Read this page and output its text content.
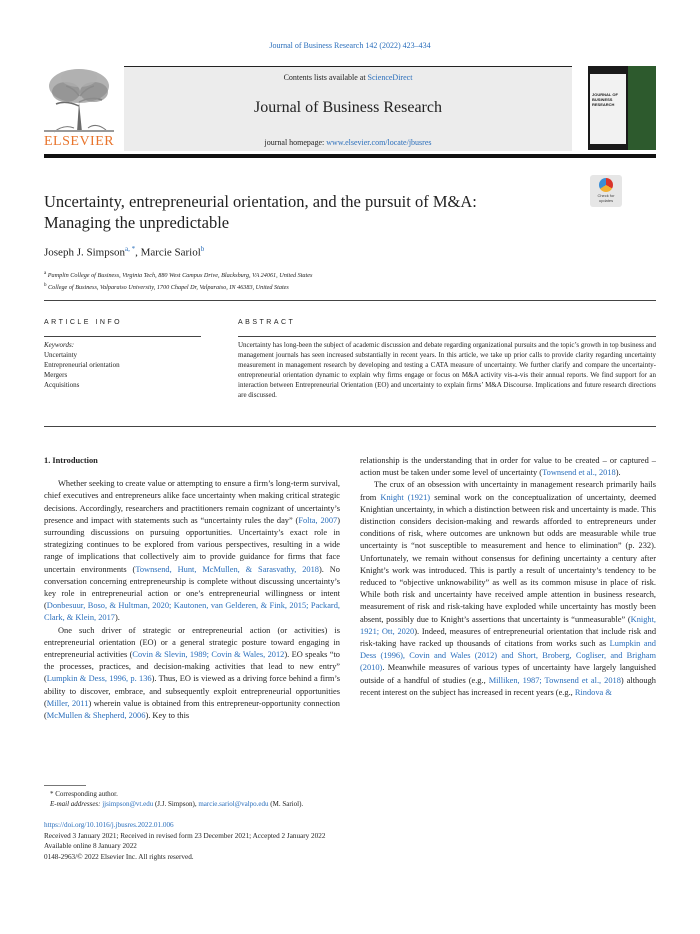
Journal of Business Research 142 (2022) 423–434
ELSEVIER
Contents lists available at ScienceDirect
Journal of Business Research
journal homepage: www.elsevier.com/locate/jbusres
JOURNAL OF BUSINESS RESEARCH
Check for updates
Uncertainty, entrepreneurial orientation, and the pursuit of M&A:
Managing the unpredictable
Joseph J. Simpson$^{a, *}$, Marcie Sariol$^b$
$^a$ Pamplin College of Business, Virginia Tech, 880 West Campus Drive, Blacksburg, VA 24061, United States
$^b$ College of Business, Valparaiso University, 1700 Chapel Dr, Valparaiso, IN 46383, United States
ARTICLE INFO
Keywords:
Uncertainty
Entrepreneurial orientation
Mergers
Acquisitions
ABSTRACT
Uncertainty has long-been the subject of academic discussion and debate regarding organizational pursuits and the topic’s growth in top business and management journals has seen increased substantially in recent years. In this article, we take up prior calls to provide clarity regarding uncertainty measurement in management research by developing and testing a CATA measure of uncertainty. We further clarify and compare the uncertainty-entrepreneurial orientation dynamic to explain why firms engage or focus on M&A activity vis-a-vis their annual reports. We find support for an interaction between Entrepreneurial Orientation (EO) and uncertainty to explain firms’ M&A Discourse. Implications and future research directions are discussed.
1. Introduction

Whether seeking to create value or attempting to ensure a firm’s long-term survival, chief executives and entrepreneurs alike face uncertainty when making critical strategic decisions. Accordingly, researchers and practitioners remain cognizant of uncertainty’s presence and impact with statements such as “uncertainty rules the day” (Folta, 2007) surrounding discussions on pursuing opportunities. Uncertainty’s exact role in strategizing continues to be explored from various perspectives, resulting in a wide range of implications that collectively aim to provide guidance for firms that face uncertain environments (Townsend, Hunt, McMullen, & Sarasvathy, 2018). No conversation concerning entrepreneurship is complete without discussing uncertainty’s key role in entrepreneurial action or one’s entrepreneurial willingness or intent (Donbesuur, Boso, & Hultman, 2020; Kautonen, van Gelderen, & Fink, 2015; Packard, Clark, & Klein, 2017).

One such driver of strategic or entrepreneurial action (or activities) is entrepreneurial orientation (EO) or a general strategic posture toward engaging in entrepreneurial activities (Covin & Slevin, 1989; Covin & Wales, 2012). EO speaks “to the processes, practices, and decision-making activities that lead to new entry” (Lumpkin & Dess, 1996, p. 136). Thus, EO is viewed as a driving force behind a firm’s ability to discover, embrace, and subsequently exploit entrepreneurial opportunities (Miller, 2011) wherein value is obtained from this entrepreneur-opportunity connection (McMullen & Shepherd, 2006). Key to this

relationship is the understanding that in order for value to be created – or captured – action must be taken under some level of uncertainty (Townsend et al., 2018).

The crux of an obsession with uncertainty in management research primarily hails from Knight (1921) seminal work on the conceptualization of uncertainty, deemed Knightian uncertainty, in which a distinction between risk and uncertainty is made. This distinction considers decision-making and rewards afforded to entrepreneurs under conditions of risk, where outcomes are unknown but odds are measurable while true uncertainty is “not susceptible to measurement and hence to elimination” (p. 232). Unfortunately, we remain without consensus for defining uncertainty a century after Knight’s work was introduced. This is partly a result of uncertainty’s tendency to be reduced to “objective unknowability” as well as its common misuse in place of risk. While both risk and uncertainty have received ample attention in business research, measurement of risk and risk-taking have exploded while uncertainty has mostly been absent, possibly due to Knight’s assertions that uncertainty is “unmeasurable” (Knight, 1921; Ott, 2020). Indeed, measures of entrepreneurial orientation that include risk and risk-taking have racked up thousands of citations from works such as Lumpkin and Dess (1996), Covin and Wales (2012) and Short, Broberg, Cogliser, and Brigham (2010). Meanwhile measures of various types of uncertainty have largely languished outside of a handful of studies (e.g., Milliken, 1987; Townsend et al., 2018) although recent interest on the subject has increased in recent years (e.g., Rindova &

* Corresponding author.
E-mail addresses: jjsimpson@vt.edu (J.J. Simpson), marcie.sariol@valpo.edu (M. Sariol).
https://doi.org/10.1016/j.jbusres.2022.01.006
Received 3 January 2021; Received in revised form 23 December 2021; Accepted 2 January 2022
Available online 8 January 2022
0148-2963/© 2022 Elsevier Inc. All rights reserved.
